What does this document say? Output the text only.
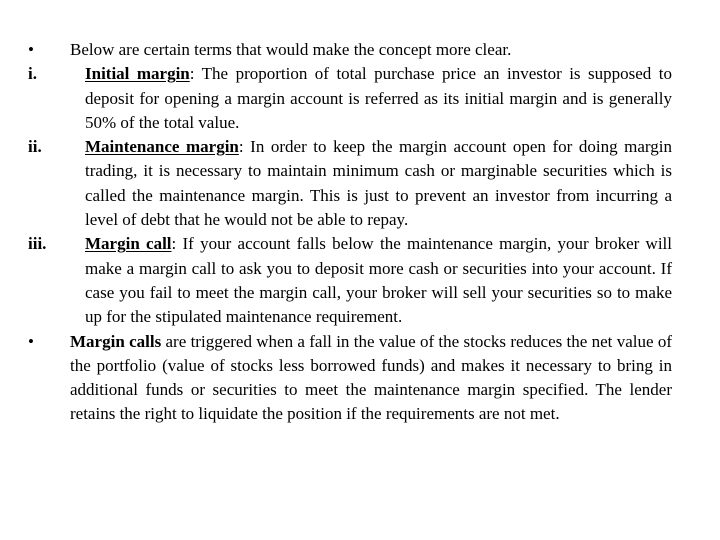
•	Below are certain terms that would make the concept more clear.
i.	Initial margin: The proportion of total purchase price an investor is supposed to deposit for opening a margin account is referred as its initial margin and is generally 50% of the total value.
ii.	Maintenance margin: In order to keep the margin account open for doing margin trading, it is necessary to maintain minimum cash or marginable securities which is called the maintenance margin. This is just to prevent an investor from incurring a level of debt that he would not be able to repay.
iii.	Margin call: If your account falls below the maintenance margin, your broker will make a margin call to ask you to deposit more cash or securities into your account. If case you fail to meet the margin call, your broker will sell your securities so to make up for the stipulated maintenance requirement.
•	Margin calls are triggered when a fall in the value of the stocks reduces the net value of the portfolio (value of stocks less borrowed funds) and makes it necessary to bring in additional funds or securities to meet the maintenance margin specified. The lender retains the right to liquidate the position if the requirements are not met.
